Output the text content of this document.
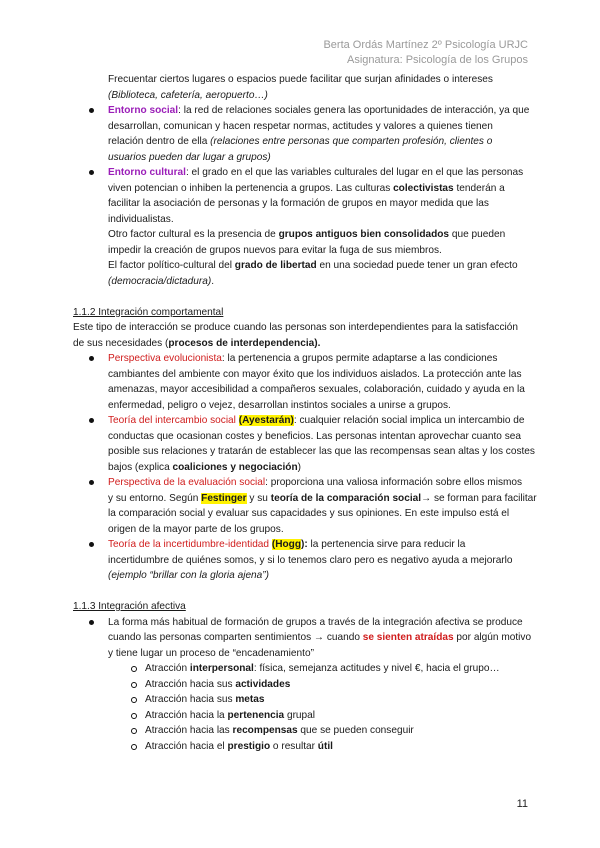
Berta Ordás Martínez 2º Psicología URJC
Asignatura: Psicología de los Grupos
Frecuentar ciertos lugares o espacios puede facilitar que surjan afinidades o intereses
(Biblioteca, cafetería, aeropuerto…)
Entorno social: la red de relaciones sociales genera las oportunidades de interacción, ya que
desarrollan, comunican y hacen respetar normas, actitudes y valores a quienes tienen
relación dentro de ella (relaciones entre personas que comparten profesión, clientes o
usuarios pueden dar lugar a grupos)
Entorno cultural: el grado en el que las variables culturales del lugar en el que las personas
viven potencian o inhiben la pertenencia a grupos. Las culturas colectivistas tenderán a
facilitar la asociación de personas y la formación de grupos en mayor medida que las
individualistas.
Otro factor cultural es la presencia de grupos antiguos bien consolidados que pueden
impedir la creación de grupos nuevos para evitar la fuga de sus miembros.
El factor político-cultural del grado de libertad en una sociedad puede tener un gran efecto
(democracia/dictadura).
1.1.2 Integración comportamental
Este tipo de interacción se produce cuando las personas son interdependientes para la satisfacción
de sus necesidades (procesos de interdependencia).
Perspectiva evolucionista: la pertenencia a grupos permite adaptarse a las condiciones
cambiantes del ambiente con mayor éxito que los individuos aislados. La protección ante las
amenazas, mayor accesibilidad a compañeros sexuales, colaboración, cuidado y ayuda en la
enfermedad, peligro o vejez, desarrollan instintos sociales a unirse a grupos.
Teoría del intercambio social (Ayestarán): cualquier relación social implica un intercambio de
conductas que ocasionan costes y beneficios. Las personas intentan aprovechar cuanto sea
posible sus relaciones y tratarán de establecer las que las recompensas sean altas y los costes
bajos (explica coaliciones y negociación)
Perspectiva de la evaluación social: proporciona una valiosa información sobre ellos mismos
y su entorno. Según Festinger y su teoría de la comparación social→ se forman para facilitar
la comparación social y evaluar sus capacidades y sus opiniones. En este impulso está el
origen de la mayor parte de los grupos.
Teoría de la incertidumbre-identidad (Hogg): la pertenencia sirve para reducir la
incertidumbre de quiénes somos, y si lo tenemos claro pero es negativo ayuda a mejorarlo
(ejemplo “brillar con la gloria ajena”)
1.1.3 Integración afectiva
La forma más habitual de formación de grupos a través de la integración afectiva se produce
cuando las personas comparten sentimientos → cuando se sienten atraídas por algún motivo
y tiene lugar un proceso de “encadenamiento”
Atracción interpersonal: física, semejanza actitudes y nivel €, hacia el grupo…
Atracción hacia sus actividades
Atracción hacia sus metas
Atracción hacia la pertenencia grupal
Atracción hacia las recompensas que se pueden conseguir
Atracción hacia el prestigio o resultar útil
11
